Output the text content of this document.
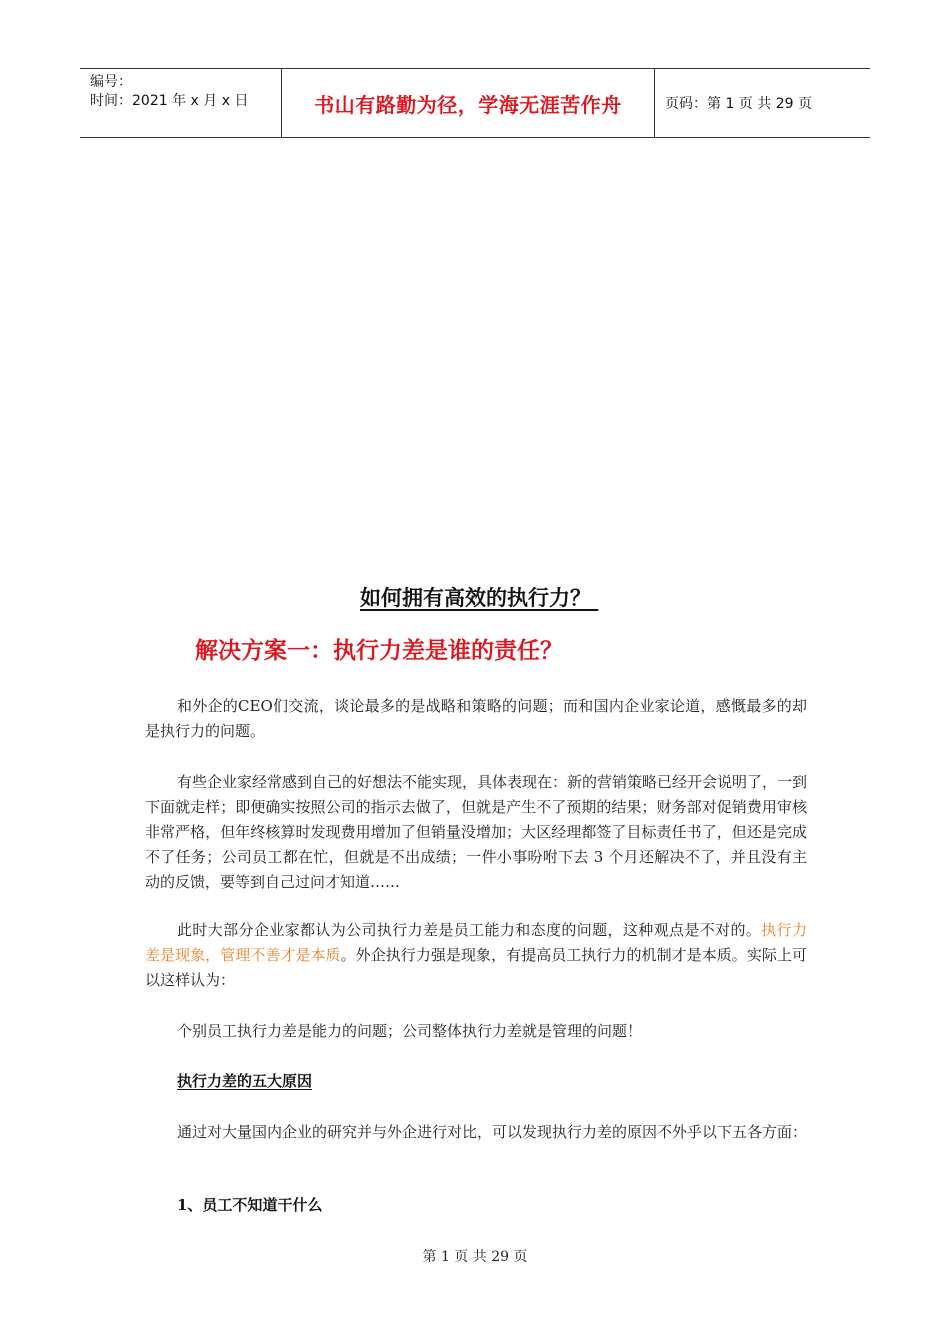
编号：
时间：2021 年 x 月 x 日	书山有路勤为径，学海无涯苦作舟	页码：第 1 页 共 29 页
如何拥有高效的执行力？
解决方案一：执行力差是谁的责任？
和外企的CEO们交流，谈论最多的是战略和策略的问题；而和国内企业家论道，感慨最多的却是执行力的问题。
有些企业家经常感到自己的好想法不能实现，具体表现在：新的营销策略已经开会说明了，一到下面就走样；即便确实按照公司的指示去做了，但就是产生不了预期的结果；财务部对促销费用审核非常严格，但年终核算时发现费用增加了但销量没增加；大区经理都签了目标责任书了，但还是完成不了任务；公司员工都在忙，但就是不出成绩；一件小事吩咐下去 3 个月还解决不了，并且没有主动的反馈，要等到自己过问才知道……
此时大部分企业家都认为公司执行力差是员工能力和态度的问题，这种观点是不对的。执行力差是现象，管理不善才是本质。外企执行力强是现象，有提高员工执行力的机制才是本质。实际上可以这样认为：
个别员工执行力差是能力的问题；公司整体执行力差就是管理的问题！
执行力差的五大原因
通过对大量国内企业的研究并与外企进行对比，可以发现执行力差的原因不外乎以下五各方面：
1、员工不知道干什么
第 1 页 共 29 页
